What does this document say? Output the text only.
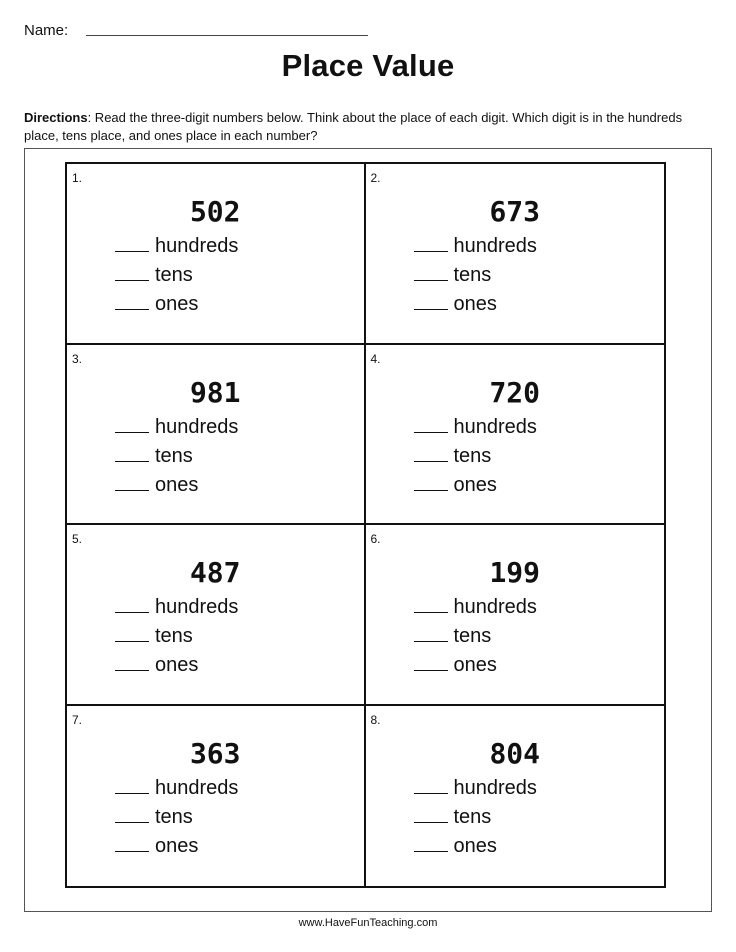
Name:
Place Value
Directions: Read the three-digit numbers below. Think about the place of each digit. Which digit is in the hundreds place, tens place, and ones place in each number?
1.
502
hundreds
tens
ones
2.
673
hundreds
tens
ones
3.
981
hundreds
tens
ones
4.
720
hundreds
tens
ones
5.
487
hundreds
tens
ones
6.
199
hundreds
tens
ones
7.
363
hundreds
tens
ones
8.
804
hundreds
tens
ones
www.HaveFunTeaching.com
